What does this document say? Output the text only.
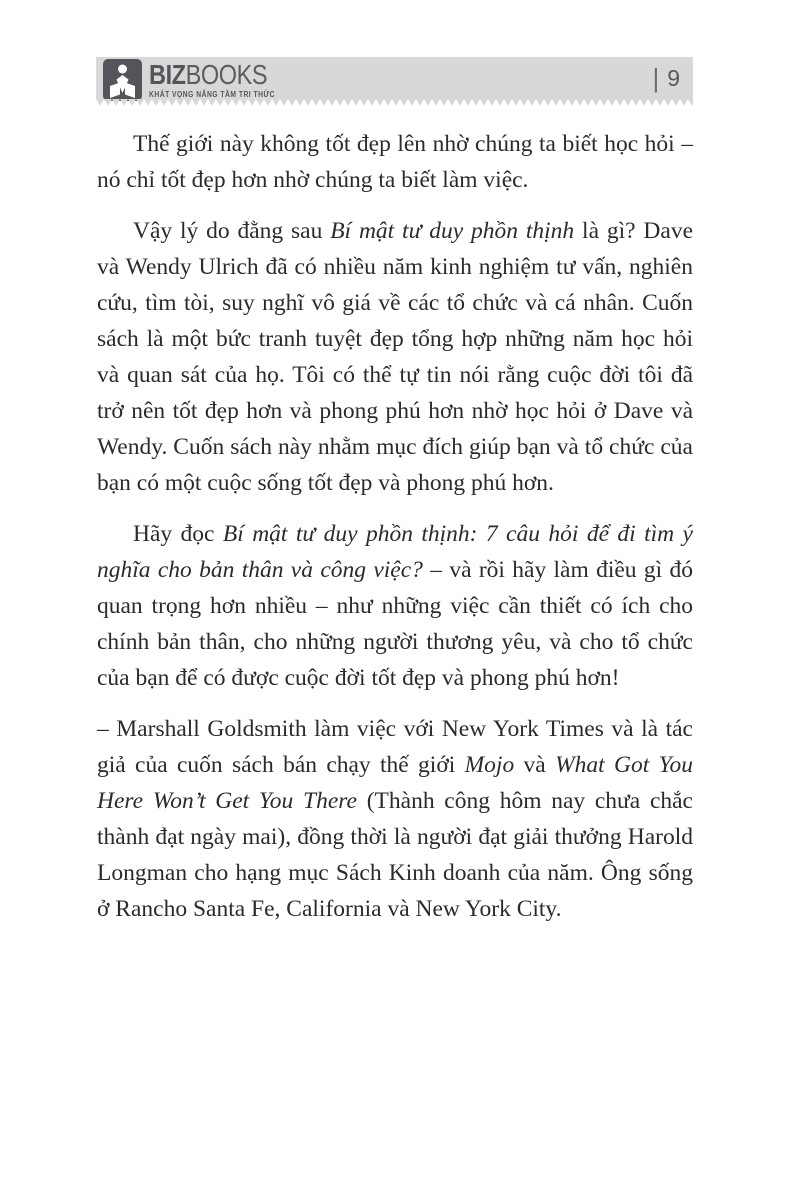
BIZBOOKS
KHÁT VỌNG NÂNG TẦM TRI THỨC
| 9

Thế giới này không tốt đẹp lên nhờ chúng ta biết học hỏi – nó chỉ tốt đẹp hơn nhờ chúng ta biết làm việc.

Vậy lý do đằng sau Bí mật tư duy phồn thịnh là gì? Dave và Wendy Ulrich đã có nhiều năm kinh nghiệm tư vấn, nghiên cứu, tìm tòi, suy nghĩ vô giá về các tổ chức và cá nhân. Cuốn sách là một bức tranh tuyệt đẹp tổng hợp những năm học hỏi và quan sát của họ. Tôi có thể tự tin nói rằng cuộc đời tôi đã trở nên tốt đẹp hơn và phong phú hơn nhờ học hỏi ở Dave và Wendy. Cuốn sách này nhằm mục đích giúp bạn và tổ chức của bạn có một cuộc sống tốt đẹp và phong phú hơn.

Hãy đọc Bí mật tư duy phồn thịnh: 7 câu hỏi để đi tìm ý nghĩa cho bản thân và công việc? – và rồi hãy làm điều gì đó quan trọng hơn nhiều – như những việc cần thiết có ích cho chính bản thân, cho những người thương yêu, và cho tổ chức của bạn để có được cuộc đời tốt đẹp và phong phú hơn!

– Marshall Goldsmith làm việc với New York Times và là tác giả của cuốn sách bán chạy thế giới Mojo và What Got You Here Won’t Get You There (Thành công hôm nay chưa chắc thành đạt ngày mai), đồng thời là người đạt giải thưởng Harold Longman cho hạng mục Sách Kinh doanh của năm. Ông sống ở Rancho Santa Fe, California và New York City.
